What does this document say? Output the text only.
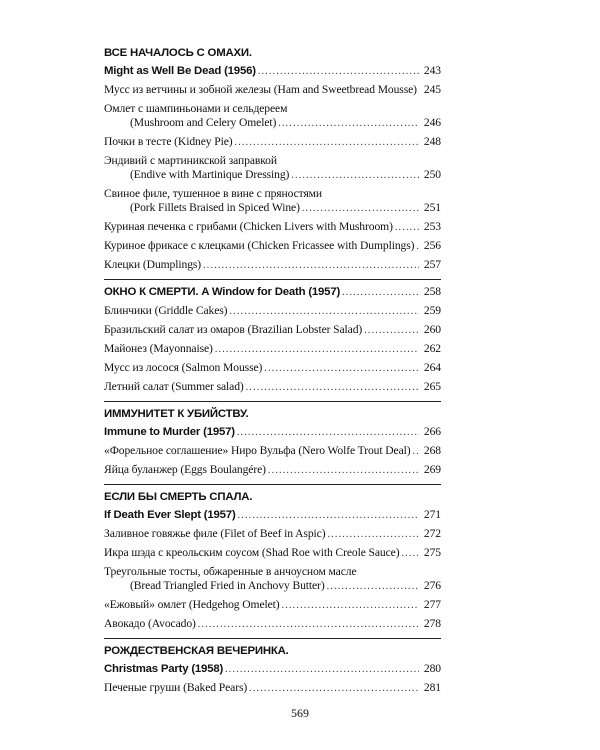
ВСЕ НАЧАЛОСЬ С ОМАХИ.
Might as Well Be Dead (1956) .....	243
Мусс из ветчины и зобной железы (Ham and Sweetbread Mousse) ..... 245
Омлет с шампиньонами и сельдереем
(Mushroom and Celery Omelet) .....	246
Почки в тесте (Kidney Pie) .....	248
Эндивий с мартиникской заправкой
(Endive with Martinique Dressing) .....	250
Свиное филе, тушенное в вине с пряностями
(Pork Fillets Braised in Spiced Wine) .....	251
Куриная печенка с грибами (Chicken Livers with Mushroom) .....	253
Куриное фрикасе с клецками (Chicken Fricassee with Dumplings) ..... 256
Клецки (Dumplings) .....	257
ОКНО К СМЕРТИ. A Window for Death (1957) .....	258
Блинчики (Griddle Cakes) .....	259
Бразильский салат из омаров (Brazilian Lobster Salad) .....	260
Майонез (Mayonnaise) .....	262
Мусс из лосося (Salmon Mousse) .....	264
Летний салат (Summer salad) .....	265
ИММУНИТЕТ К УБИЙСТВУ.
Immune to Murder (1957) .....	266
«Форельное соглашение» Ниро Вульфа (Nero Wolfe Trout Deal) ..... 268
Яйца буланжер (Eggs Boulangére) .....	269
ЕСЛИ БЫ СМЕРТЬ СПАЛА.
If Death Ever Slept (1957) .....	271
Заливное говяжье филе (Filet of Beef in Aspic) .....	272
Икра шэда с креольским соусом (Shad Roe with Creole Sauce) ..... 275
Треугольные тосты, обжаренные в анчоусном масле
(Bread Triangled Fried in Anchovy Butter) .....	276
«Ежовый» омлет (Hedgehog Omelet) .....	277
Авокадо (Avocado) .....	278
РОЖДЕСТВЕНСКАЯ ВЕЧЕРИНКА.
Christmas Party (1958) .....	280
Печеные груши (Baked Pears) .....	281
569
